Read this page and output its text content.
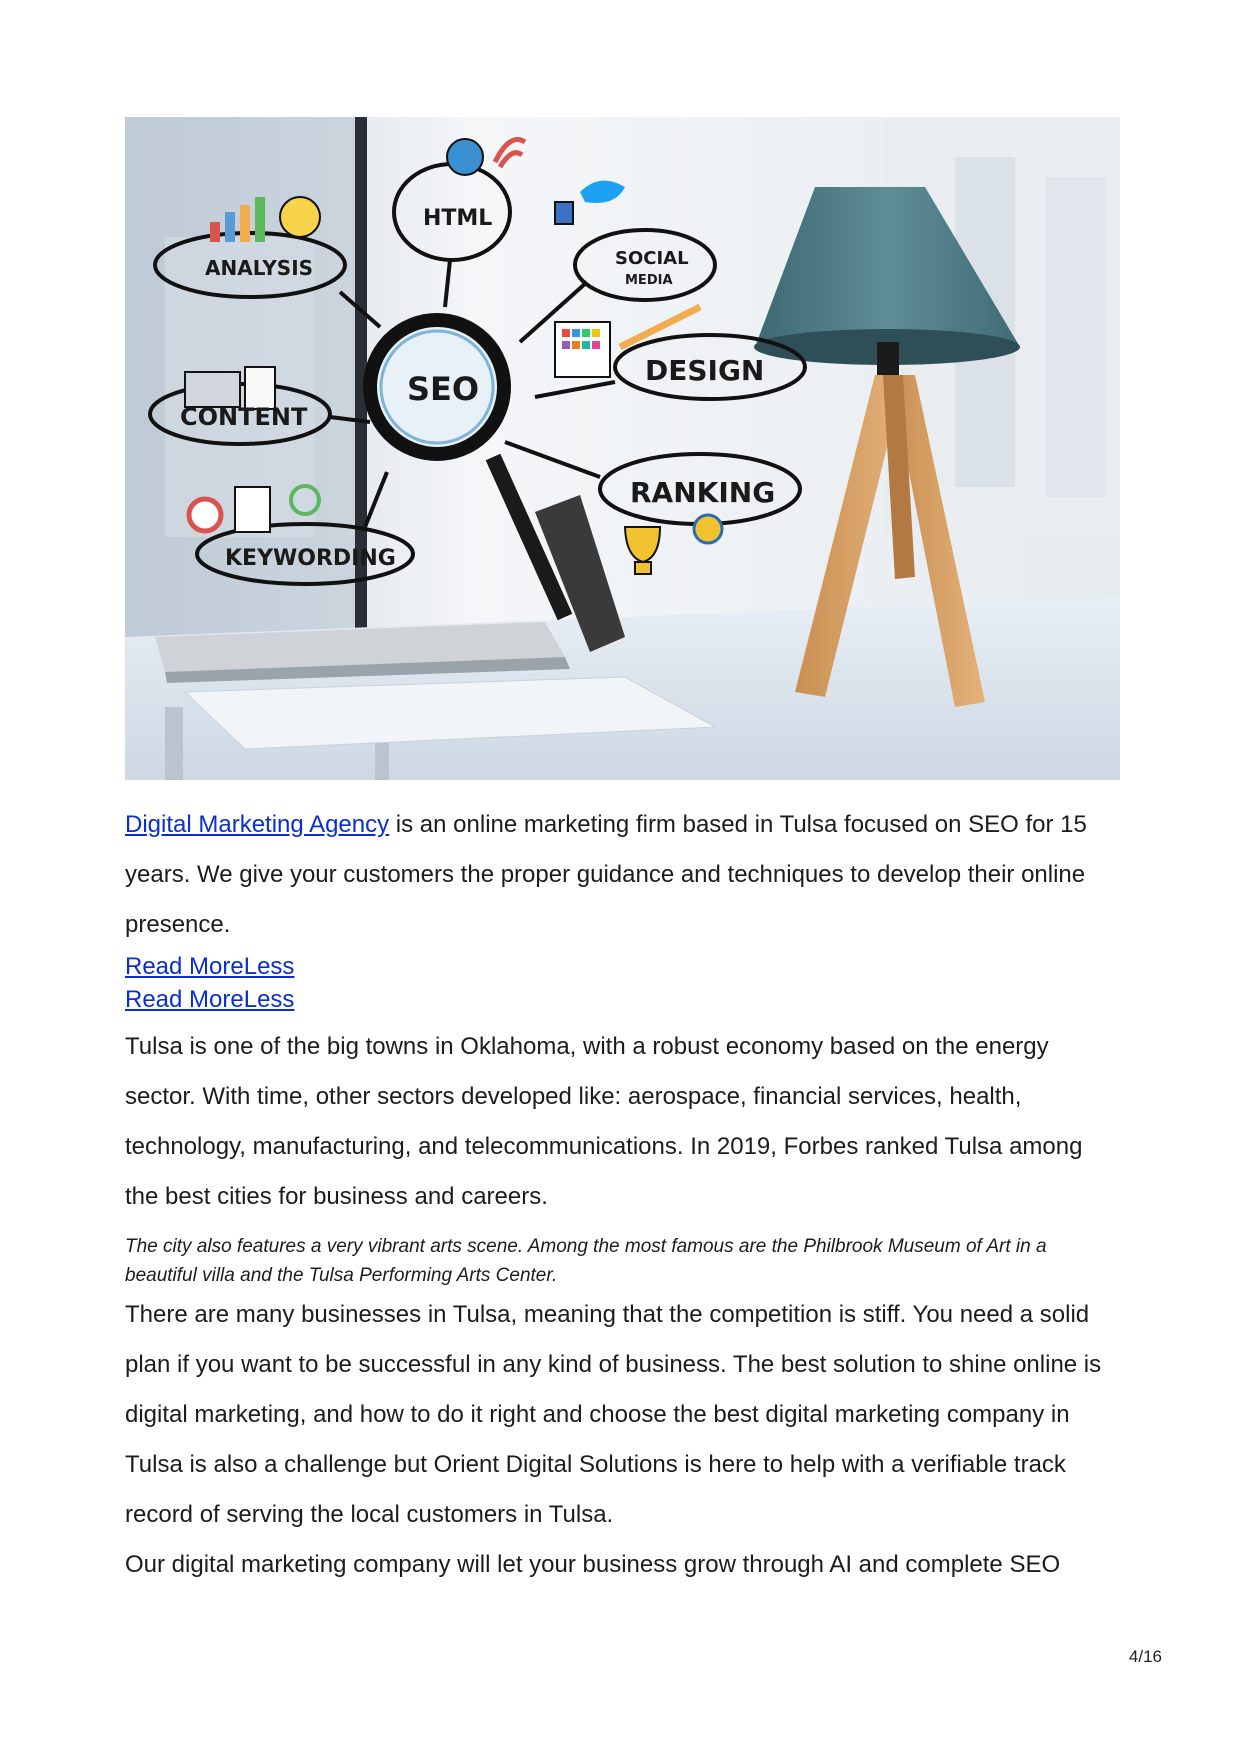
ANALYSIS
HTML
SOCIAL
MEDIA
DESIGN
CONTENT
SEO
RANKING
KEYWORDING

Digital Marketing Agency is an online marketing firm based in Tulsa focused on SEO for 15 years. We give your customers the proper guidance and techniques to develop their online presence.

Read MoreLess
Read MoreLess

Tulsa is one of the big towns in Oklahoma, with a robust economy based on the energy sector. With time, other sectors developed like: aerospace, financial services, health, technology, manufacturing, and telecommunications. In 2019, Forbes ranked Tulsa among the best cities for business and careers.

The city also features a very vibrant arts scene. Among the most famous are the Philbrook Museum of Art in a beautiful villa and the Tulsa Performing Arts Center.

There are many businesses in Tulsa, meaning that the competition is stiff. You need a solid plan if you want to be successful in any kind of business. The best solution to shine online is digital marketing, and how to do it right and choose the best digital marketing company in Tulsa is also a challenge but Orient Digital Solutions is here to help with a verifiable track record of serving the local customers in Tulsa.

Our digital marketing company will let your business grow through AI and complete SEO

4/16
